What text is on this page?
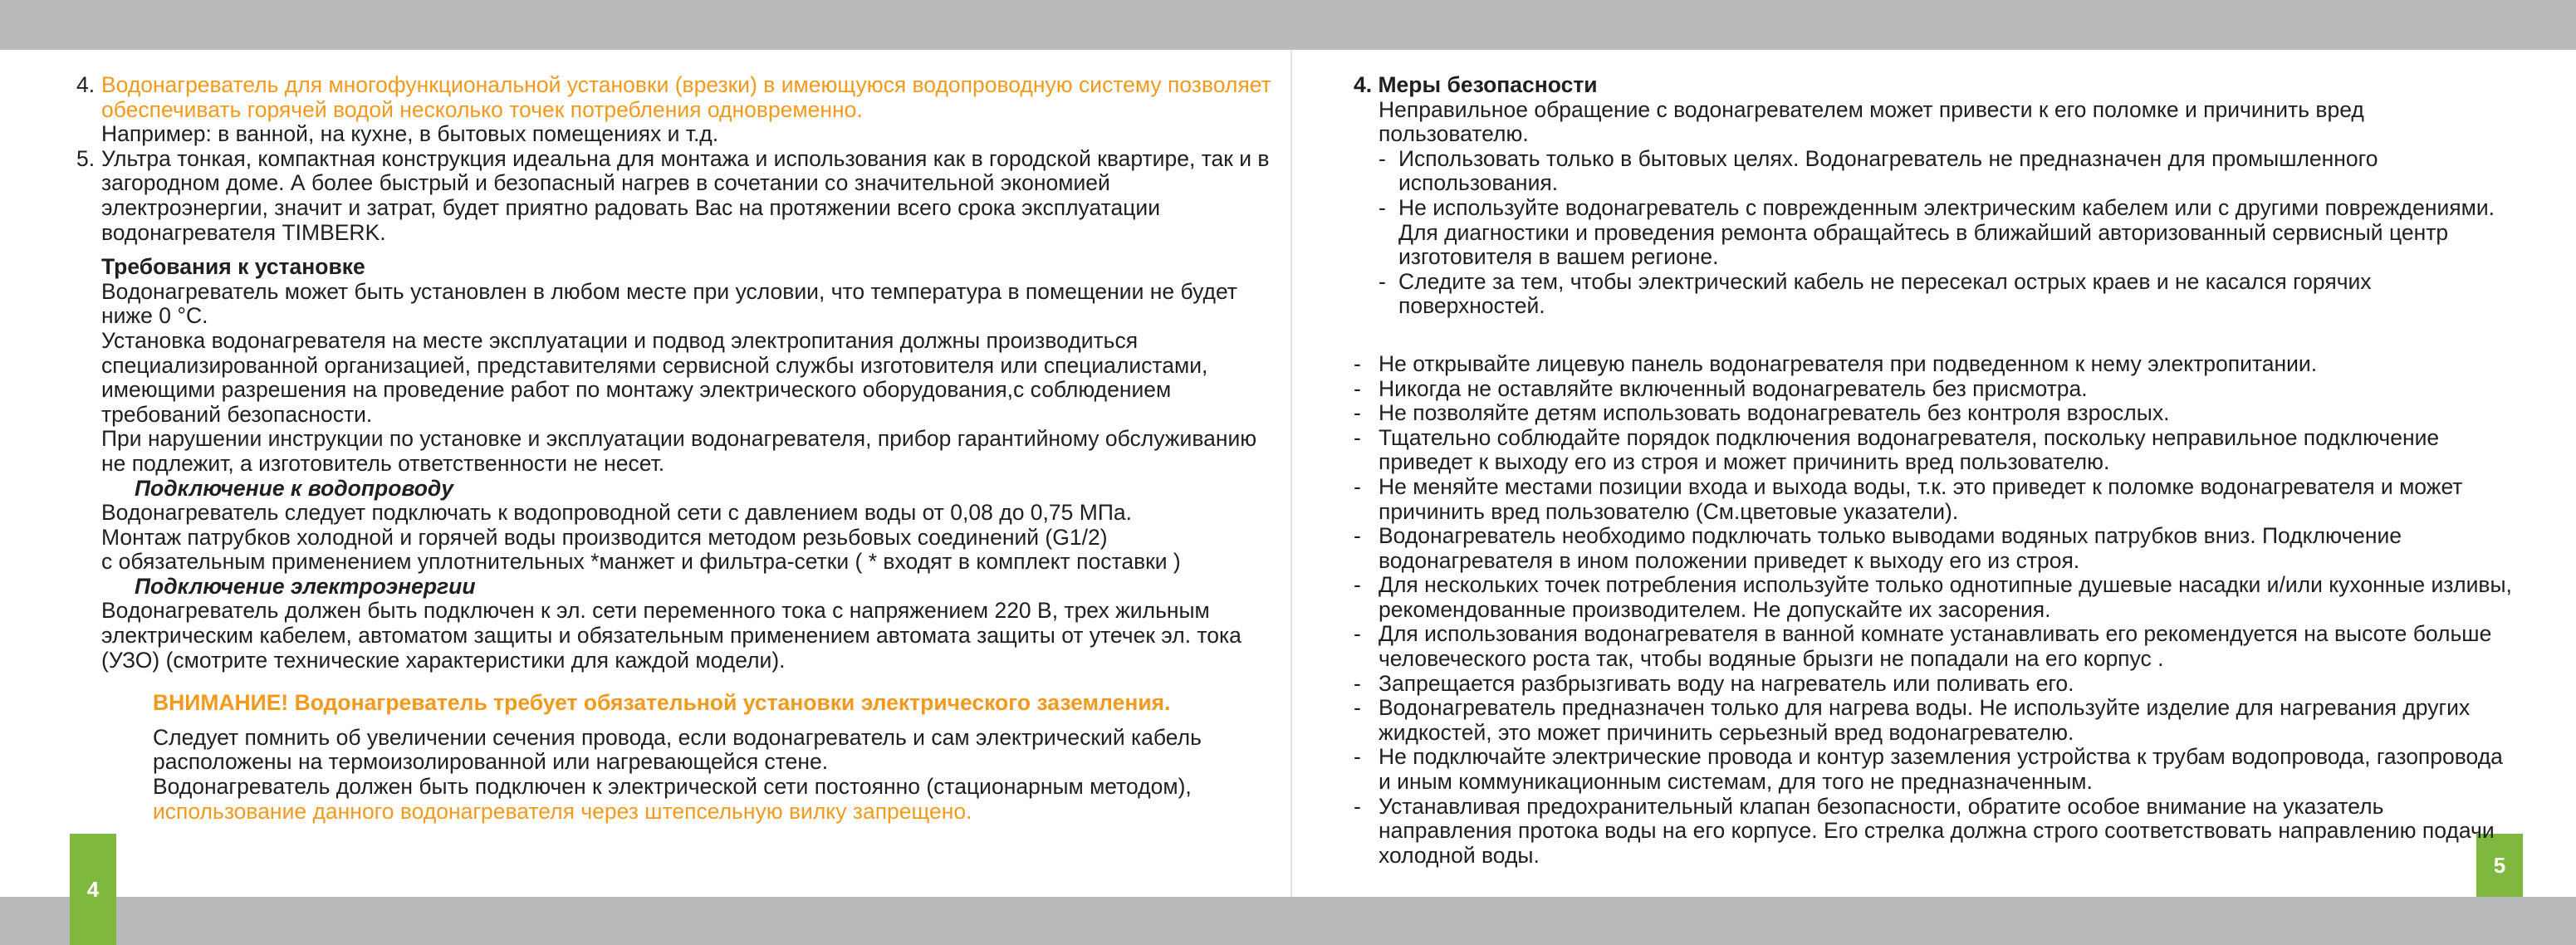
4
5
4. Водонагреватель для многофункциональной установки (врезки) в имеющуюся водопроводную систему позволяет обеспечивать горячей водой несколько точек потребления одновременно.
Например: в ванной, на кухне, в бытовых помещениях и т.д.
5. Ультра тонкая, компактная конструкция идеальна для монтажа и использования как в городской квартире, так и в загородном доме. А более быстрый и безопасный нагрев в сочетании со значительной экономией электроэнергии, значит и затрат, будет приятно радовать Вас на протяжении всего срока эксплуатации водонагревателя TIMBERK.
Требования к установке
Водонагреватель может быть установлен в любом месте при условии, что температура в помещении не будет ниже 0 °С.
Установка водонагревателя на месте эксплуатации и подвод электропитания должны производиться специализированной организацией, представителями сервисной службы изготовителя или специалистами, имеющими разрешения на проведение работ по монтажу электрического оборудования,с соблюдением требований безопасности.
При нарушении инструкции по установке и эксплуатации водонагревателя, прибор гарантийному обслуживанию не подлежит, а изготовитель ответственности не несет.
Подключение к водопроводу
Водонагреватель следует подключать к водопроводной сети с давлением воды от 0,08 до 0,75 МПа.
Монтаж патрубков холодной и горячей воды производится методом резьбовых соединений (G1/2)
с обязательным применением уплотнительных *манжет и фильтра-сетки ( * входят в комплект поставки )
Подключение электроэнергии
Водонагреватель должен быть подключен к эл. сети переменного тока с напряжением 220 В, трех жильным электрическим кабелем, автоматом защиты и обязательным применением автомата защиты от утечек эл. тока (УЗО) (смотрите технические характеристики для каждой модели).
ВНИМАНИЕ! Водонагреватель требует обязательной установки электрического заземления.
Следует помнить об увеличении сечения провода, если водонагреватель и сам электрический кабель расположены на термоизолированной или нагревающейся стене.
Водонагреватель должен быть подключен к электрической сети постоянно (стационарным методом),
использование данного водонагревателя через штепсельную вилку запрещено.
4. Меры безопасности
Неправильное обращение с водонагревателем может привести к его поломке и причинить вред пользователю.
- Использовать только в бытовых целях. Водонагреватель не предназначен для промышленного использования.
- Не используйте водонагреватель с поврежденным электрическим кабелем или с другими повреждениями. Для диагностики и проведения ремонта обращайтесь в ближайший авторизованный сервисный центр изготовителя в вашем регионе.
- Следите за тем, чтобы электрический кабель не пересекал острых краев и не касался горячих поверхностей.
- Не открывайте лицевую панель водонагревателя при подведенном к нему электропитании.
- Никогда не оставляйте включенный водонагреватель без присмотра.
- Не позволяйте детям использовать водонагреватель без контроля взрослых.
- Тщательно соблюдайте порядок подключения водонагревателя, поскольку неправильное подключение приведет к выходу его из строя и может причинить вред пользователю.
- Не меняйте местами позиции входа и выхода воды, т.к. это приведет к поломке водонагревателя и может причинить вред пользователю (См.цветовые указатели).
- Водонагреватель необходимо подключать только выводами водяных патрубков вниз. Подключение водонагревателя в ином положении приведет к выходу его из строя.
- Для нескольких точек потребления используйте только однотипные душевые насадки и/или кухонные изливы, рекомендованные производителем. Не допускайте их засорения.
- Для использования водонагревателя в ванной комнате устанавливать его рекомендуется на высоте больше человеческого роста так, чтобы водяные брызги не попадали на его корпус .
- Запрещается разбрызгивать воду на нагреватель или поливать его.
- Водонагреватель предназначен только для нагрева воды. Не используйте изделие для нагревания других жидкостей, это может причинить серьезный вред водонагревателю.
- Не подключайте электрические провода и контур заземления устройства к трубам водопровода, газопровода и иным коммуникационным системам, для того не предназначенным.
- Устанавливая предохранительный клапан безопасности, обратите особое внимание на указатель направления протока воды на его корпусе. Его стрелка должна строго соответствовать направлению подачи холодной воды.
